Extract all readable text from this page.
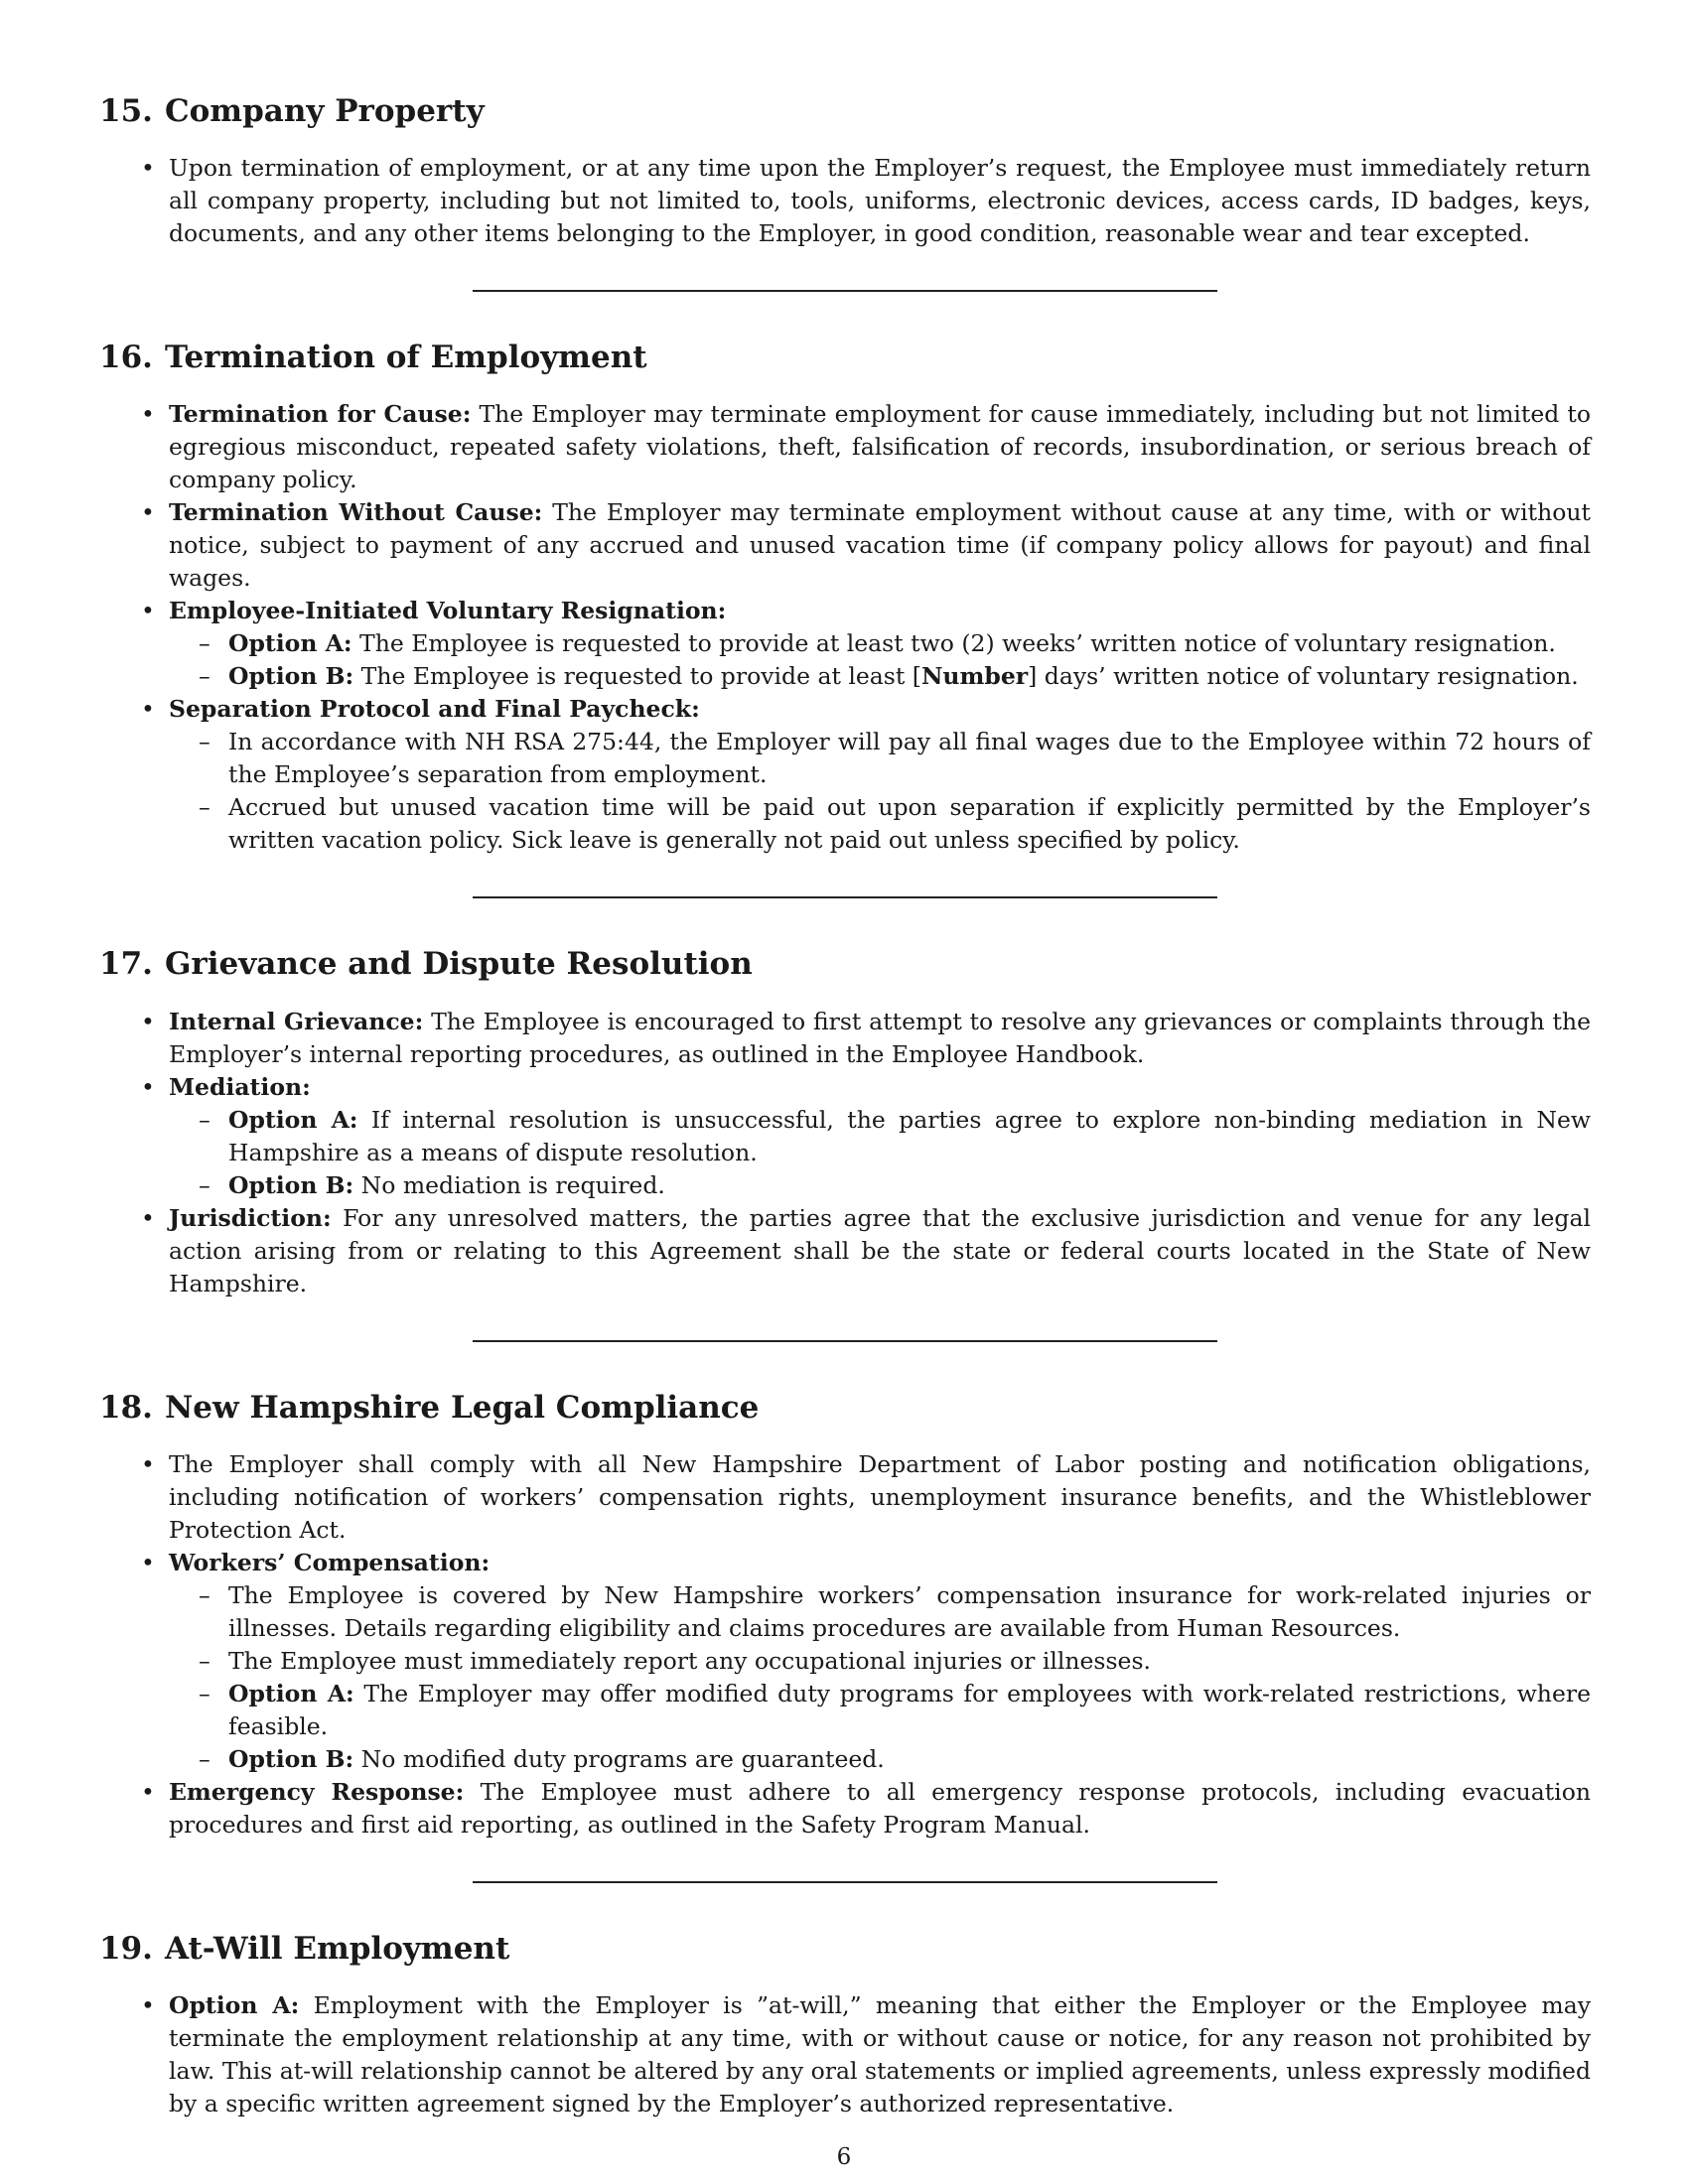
15. Company Property
• Upon termination of employment, or at any time upon the Employer’s request, the Employee must immediately return all company property, including but not limited to, tools, uniforms, electronic devices, access cards, ID badges, keys, documents, and any other items belonging to the Employer, in good condition, reasonable wear and tear excepted.
16. Termination of Employment
• Termination for Cause: The Employer may terminate employment for cause immediately, including but not limited to egregious misconduct, repeated safety violations, theft, falsification of records, insubordination, or serious breach of company policy.
• Termination Without Cause: The Employer may terminate employment without cause at any time, with or without notice, subject to payment of any accrued and unused vacation time (if company policy allows for payout) and final wages.
• Employee-Initiated Voluntary Resignation:
– Option A: The Employee is requested to provide at least two (2) weeks’ written notice of voluntary resignation.
– Option B: The Employee is requested to provide at least [Number] days’ written notice of voluntary resignation.
• Separation Protocol and Final Paycheck:
– In accordance with NH RSA 275:44, the Employer will pay all final wages due to the Employee within 72 hours of the Employee’s separation from employment.
– Accrued but unused vacation time will be paid out upon separation if explicitly permitted by the Employer’s written vacation policy. Sick leave is generally not paid out unless specified by policy.
17. Grievance and Dispute Resolution
• Internal Grievance: The Employee is encouraged to first attempt to resolve any grievances or complaints through the Employer’s internal reporting procedures, as outlined in the Employee Handbook.
• Mediation:
– Option A: If internal resolution is unsuccessful, the parties agree to explore non-binding mediation in New Hampshire as a means of dispute resolution.
– Option B: No mediation is required.
• Jurisdiction: For any unresolved matters, the parties agree that the exclusive jurisdiction and venue for any legal action arising from or relating to this Agreement shall be the state or federal courts located in the State of New Hampshire.
18. New Hampshire Legal Compliance
• The Employer shall comply with all New Hampshire Department of Labor posting and notification obligations, including notification of workers’ compensation rights, unemployment insurance benefits, and the Whistleblower Protection Act.
• Workers’ Compensation:
– The Employee is covered by New Hampshire workers’ compensation insurance for work-related injuries or illnesses. Details regarding eligibility and claims procedures are available from Human Resources.
– The Employee must immediately report any occupational injuries or illnesses.
– Option A: The Employer may offer modified duty programs for employees with work-related restrictions, where feasible.
– Option B: No modified duty programs are guaranteed.
• Emergency Response: The Employee must adhere to all emergency response protocols, including evacuation procedures and first aid reporting, as outlined in the Safety Program Manual.
19. At-Will Employment
• Option A: Employment with the Employer is ”at-will,” meaning that either the Employer or the Employee may terminate the employment relationship at any time, with or without cause or notice, for any reason not prohibited by law. This at-will relationship cannot be altered by any oral statements or implied agreements, unless expressly modified by a specific written agreement signed by the Employer’s authorized representative.
6
